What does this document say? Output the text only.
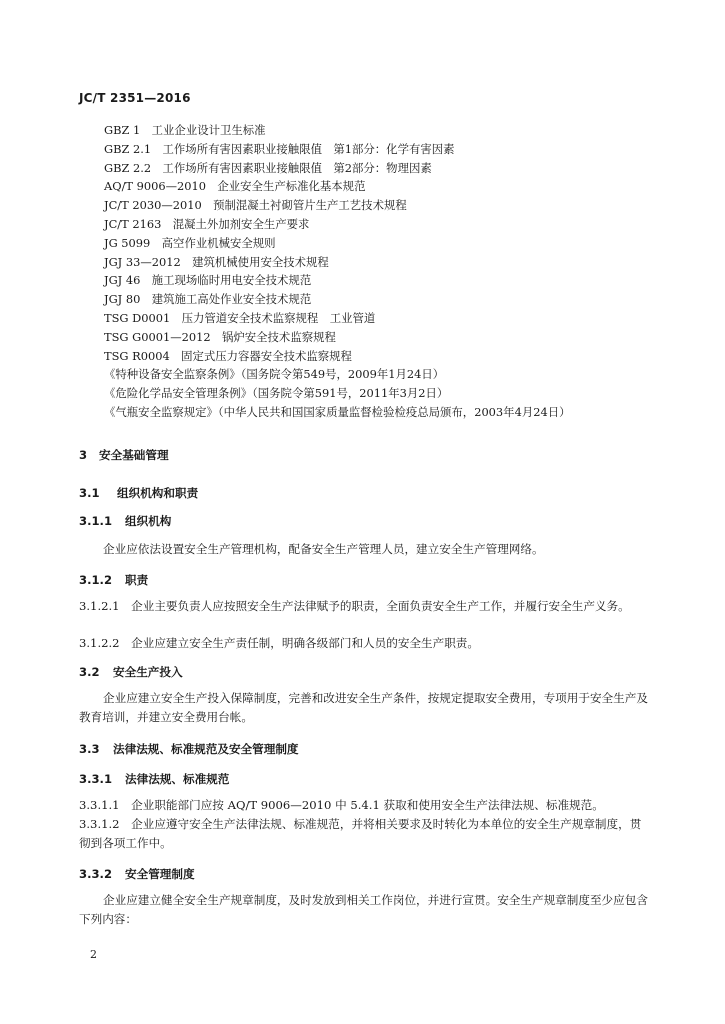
JC/T 2351—2016
GBZ 1　工业企业设计卫生标准
GBZ 2.1　工作场所有害因素职业接触限值　第1部分：化学有害因素
GBZ 2.2　工作场所有害因素职业接触限值　第2部分：物理因素
AQ/T 9006—2010　企业安全生产标准化基本规范
JC/T 2030—2010　预制混凝土衬砌管片生产工艺技术规程
JC/T 2163　混凝土外加剂安全生产要求
JG 5099　高空作业机械安全规则
JGJ 33—2012　建筑机械使用安全技术规程
JGJ 46　施工现场临时用电安全技术规范
JGJ 80　建筑施工高处作业安全技术规范
TSG D0001　压力管道安全技术监察规程　工业管道
TSG G0001—2012　锅炉安全技术监察规程
TSG R0004　固定式压力容器安全技术监察规程
《特种设备安全监察条例》（国务院令第549号，2009年1月24日）
《危险化学品安全管理条例》（国务院令第591号，2011年3月2日）
《气瓶安全监察规定》（中华人民共和国国家质量监督检验检疫总局颁布，2003年4月24日）
3 安全基础管理
3.1 组织机构和职责
3.1.1 组织机构
企业应依法设置安全生产管理机构，配备安全生产管理人员，建立安全生产管理网络。
3.1.2 职责
3.1.2.1　企业主要负责人应按照安全生产法律赋予的职责，全面负责安全生产工作，并履行安全生产义务。
3.1.2.2　企业应建立安全生产责任制，明确各级部门和人员的安全生产职责。
3.2 安全生产投入
企业应建立安全生产投入保障制度，完善和改进安全生产条件，按规定提取安全费用，专项用于安全生产及教育培训，并建立安全费用台帐。
3.3 法律法规、标准规范及安全管理制度
3.3.1 法律法规、标准规范
3.3.1.1　企业职能部门应按 AQ/T 9006—2010 中 5.4.1 获取和使用安全生产法律法规、标准规范。
3.3.1.2　企业应遵守安全生产法律法规、标准规范，并将相关要求及时转化为本单位的安全生产规章制度，贯彻到各项工作中。
3.3.2 安全管理制度
企业应建立健全安全生产规章制度，及时发放到相关工作岗位，并进行宣贯。安全生产规章制度至少应包含下列内容：
2
